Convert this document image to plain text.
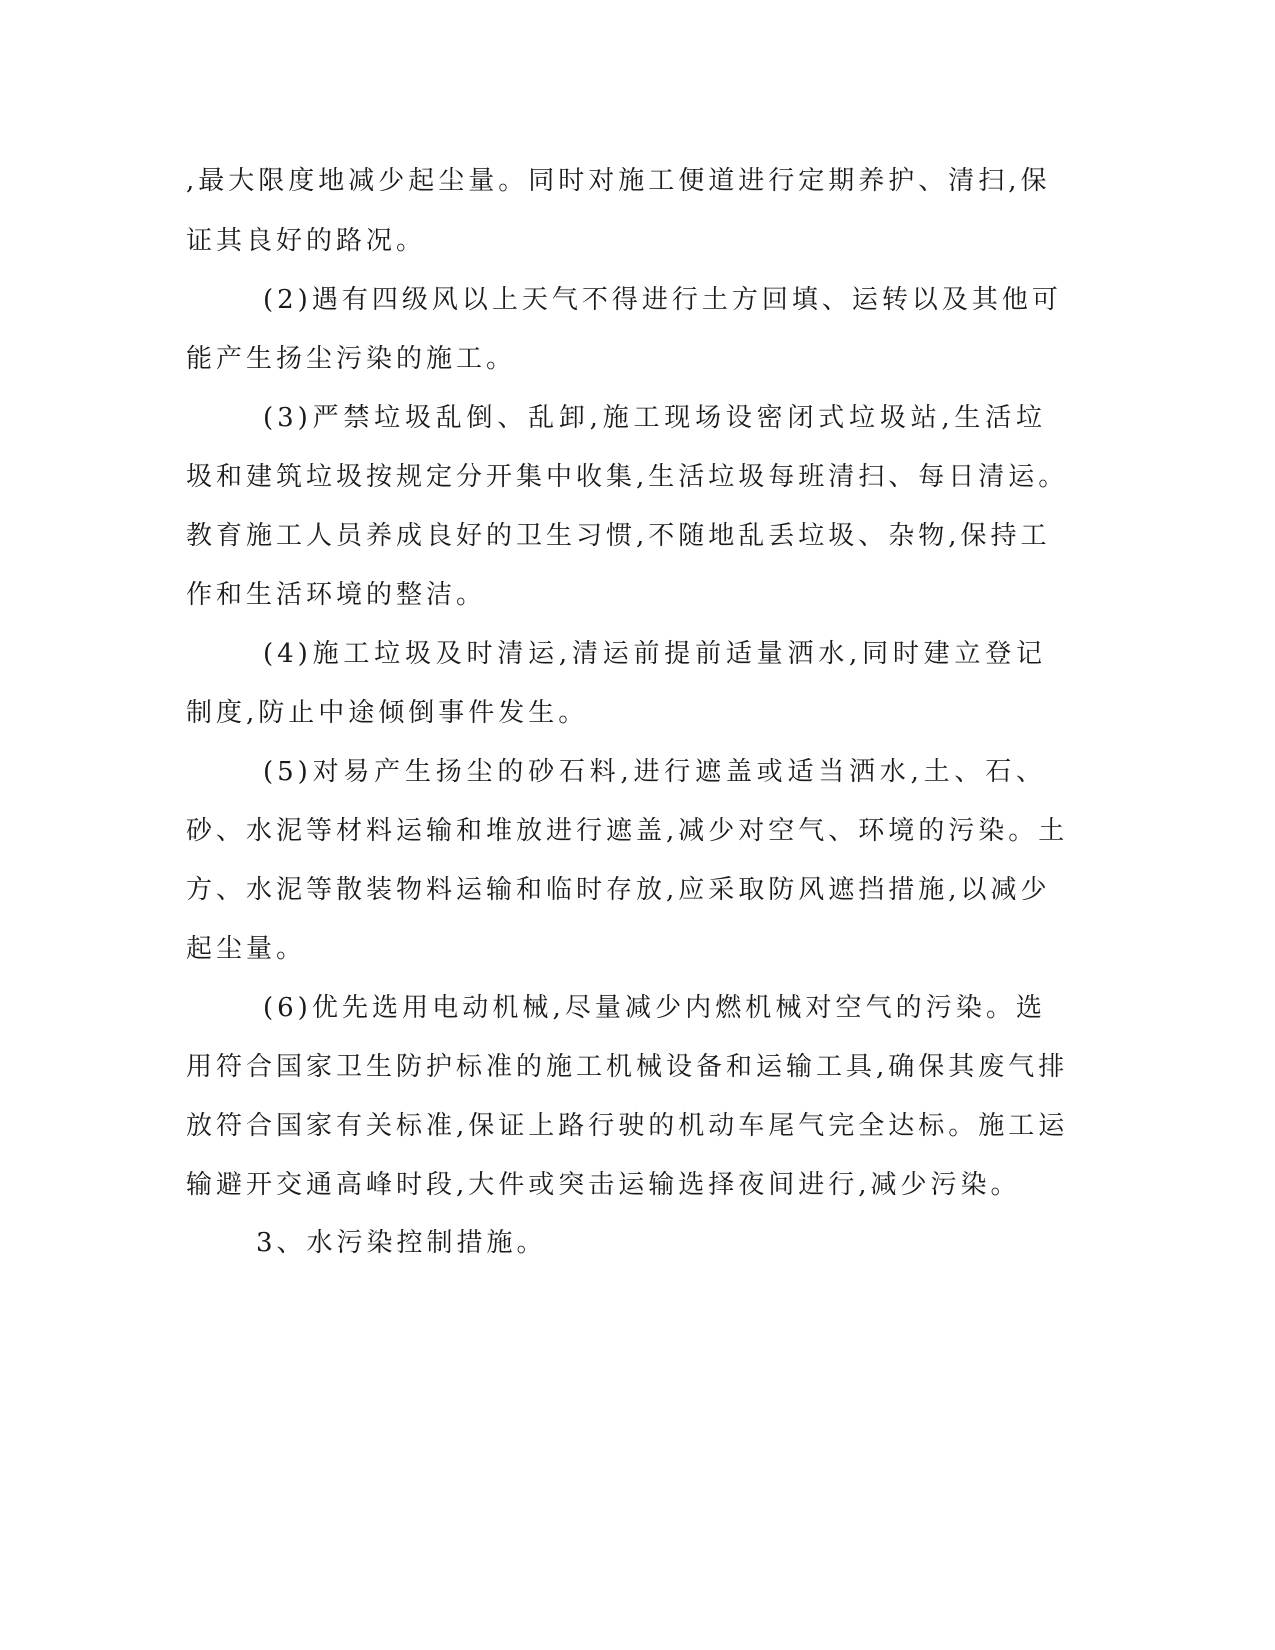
,最大限度地减少起尘量。同时对施工便道进行定期养护、清扫,保
证其良好的路况。
(2)遇有四级风以上天气不得进行土方回填、运转以及其他可
能产生扬尘污染的施工。
(3)严禁垃圾乱倒、乱卸,施工现场设密闭式垃圾站,生活垃
圾和建筑垃圾按规定分开集中收集,生活垃圾每班清扫、每日清运。
教育施工人员养成良好的卫生习惯,不随地乱丢垃圾、杂物,保持工
作和生活环境的整洁。
(4)施工垃圾及时清运,清运前提前适量洒水,同时建立登记
制度,防止中途倾倒事件发生。
(5)对易产生扬尘的砂石料,进行遮盖或适当洒水,土、石、
砂、水泥等材料运输和堆放进行遮盖,减少对空气、环境的污染。土
方、水泥等散装物料运输和临时存放,应采取防风遮挡措施,以减少
起尘量。
(6)优先选用电动机械,尽量减少内燃机械对空气的污染。选
用符合国家卫生防护标准的施工机械设备和运输工具,确保其废气排
放符合国家有关标准,保证上路行驶的机动车尾气完全达标。施工运
输避开交通高峰时段,大件或突击运输选择夜间进行,减少污染。
3、水污染控制措施。
